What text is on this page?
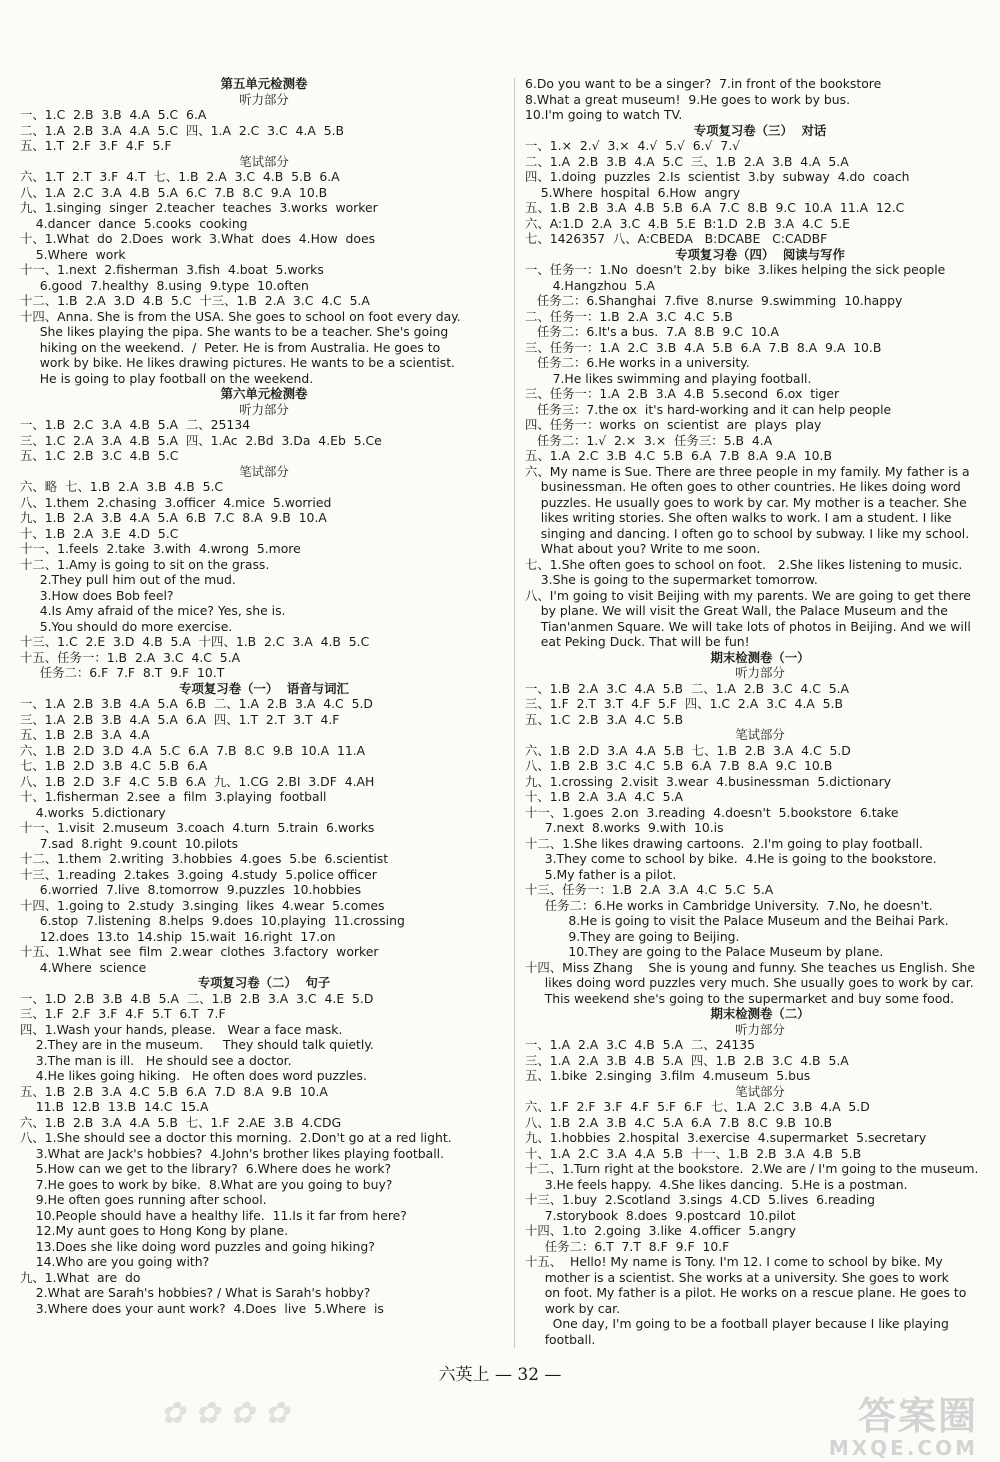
第五单元检测卷
听力部分
一、1.C  2.B  3.B  4.A  5.C  6.A
二、1.A  2.B  3.A  4.A  5.C  四、1.A  2.C  3.C  4.A  5.B
五、1.T  2.F  3.F  4.F  5.F
笔试部分
六、1.T  2.T  3.F  4.T  七、1.B  2.A  3.C  4.B  5.B  6.A
八、1.A  2.C  3.A  4.B  5.A  6.C  7.B  8.C  9.A  10.B
九、1.singing  singer  2.teacher  teaches  3.works  worker
4.dancer  dance  5.cooks  cooking
十、1.What  do  2.Does  work  3.What  does  4.How  does
5.Where  work
十一、1.next  2.fisherman  3.fish  4.boat  5.works
6.good  7.healthy  8.using  9.type  10.often
十二、1.B  2.A  3.D  4.B  5.C  十三、1.B  2.A  3.C  4.C  5.A
十四、Anna. She is from the USA. She goes to school on foot every day.
She likes playing the pipa. She wants to be a teacher. She's going
hiking on the weekend.  /  Peter. He is from Australia. He goes to
work by bike. He likes drawing pictures. He wants to be a scientist.
He is going to play football on the weekend.
第六单元检测卷
听力部分
一、1.B  2.C  3.A  4.B  5.A  二、25134
三、1.C  2.A  3.A  4.B  5.A  四、1.Ac  2.Bd  3.Da  4.Eb  5.Ce
五、1.C  2.B  3.C  4.B  5.C
笔试部分
六、略  七、1.B  2.A  3.B  4.B  5.C
八、1.them  2.chasing  3.officer  4.mice  5.worried
九、1.B  2.A  3.B  4.A  5.A  6.B  7.C  8.A  9.B  10.A
十、1.B  2.A  3.E  4.D  5.C
十一、1.feels  2.take  3.with  4.wrong  5.more
十二、1.Amy is going to sit on the grass.
2.They pull him out of the mud.
3.How does Bob feel?
4.Is Amy afraid of the mice? Yes, she is.
5.You should do more exercise.
十三、1.C  2.E  3.D  4.B  5.A  十四、1.B  2.C  3.A  4.B  5.C
十五、任务一：1.B  2.A  3.C  4.C  5.A
任务二：6.F  7.F  8.T  9.F  10.T
专项复习卷（一）  语音与词汇
一、1.A  2.B  3.B  4.A  5.A  6.B  二、1.A  2.B  3.A  4.C  5.D
三、1.A  2.B  3.B  4.A  5.A  6.A  四、1.T  2.T  3.T  4.F
五、1.B  2.B  3.A  4.A
六、1.B  2.D  3.D  4.A  5.C  6.A  7.B  8.C  9.B  10.A  11.A
七、1.B  2.D  3.B  4.C  5.B  6.A
八、1.B  2.D  3.F  4.C  5.B  6.A  九、1.CG  2.BI  3.DF  4.AH
十、1.fisherman  2.see  a  film  3.playing  football
4.works  5.dictionary
十一、1.visit  2.museum  3.coach  4.turn  5.train  6.works
7.sad  8.right  9.count  10.pilots
十二、1.them  2.writing  3.hobbies  4.goes  5.be  6.scientist
十三、1.reading  2.takes  3.going  4.study  5.police officer
6.worried  7.live  8.tomorrow  9.puzzles  10.hobbies
十四、1.going to  2.study  3.singing  likes  4.wear  5.comes
6.stop  7.listening  8.helps  9.does  10.playing  11.crossing
12.does  13.to  14.ship  15.wait  16.right  17.on
十五、1.What  see  film  2.wear  clothes  3.factory  worker
4.Where  science
专项复习卷（二）  句子
一、1.D  2.B  3.B  4.B  5.A  二、1.B  2.B  3.A  3.C  4.E  5.D
三、1.F  2.F  3.F  4.F  5.T  6.T  7.F
四、1.Wash your hands, please.   Wear a face mask.
2.They are in the museum.     They should talk quietly.
3.The man is ill.   He should see a doctor.
4.He likes going hiking.   He often does word puzzles.
五、1.B  2.B  3.A  4.C  5.B  6.A  7.D  8.A  9.B  10.A
11.B  12.B  13.B  14.C  15.A
六、1.B  2.B  3.A  4.A  5.B  七、1.F  2.AE  3.B  4.CDG
八、1.She should see a doctor this morning.  2.Don't go at a red light.
3.What are Jack's hobbies?  4.John's brother likes playing football.
5.How can we get to the library?  6.Where does he work?
7.He goes to work by bike.  8.What are you going to buy?
9.He often goes running after school.
10.People should have a healthy life.  11.Is it far from here?
12.My aunt goes to Hong Kong by plane.
13.Does she like doing word puzzles and going hiking?
14.Who are you going with?
九、1.What  are  do
2.What are Sarah's hobbies? / What is Sarah's hobby?
3.Where does your aunt work?  4.Does  live  5.Where  is
6.Do you want to be a singer?  7.in front of the bookstore
8.What a great museum!  9.He goes to work by bus.
10.I'm going to watch TV.
专项复习卷（三）  对话
一、1.×  2.√  3.×  4.√  5.√  6.√  7.√
二、1.A  2.B  3.B  4.A  5.C  三、1.B  2.A  3.B  4.A  5.A
四、1.doing  puzzles  2.Is  scientist  3.by  subway  4.do  coach
5.Where  hospital  6.How  angry
五、1.B  2.B  3.A  4.B  5.B  6.A  7.C  8.B  9.C  10.A  11.A  12.C
六、A:1.D  2.A  3.C  4.B  5.E  B:1.D  2.B  3.A  4.C  5.E
七、1426357  八、A:CBEDA   B:DCABE   C:CADBF
专项复习卷（四）  阅读与写作
一、任务一：1.No  doesn't  2.by  bike  3.likes helping the sick people
4.Hangzhou  5.A
任务二：6.Shanghai  7.five  8.nurse  9.swimming  10.happy
二、任务一：1.B  2.A  3.C  4.C  5.B
任务二：6.It's a bus.  7.A  8.B  9.C  10.A
三、任务一：1.A  2.C  3.B  4.A  5.B  6.A  7.B  8.A  9.A  10.B
任务二：6.He works in a university.
7.He likes swimming and playing football.
三、任务一：1.A  2.B  3.A  4.B  5.second  6.ox  tiger
任务三：7.the ox  it's hard-working and it can help people
四、任务一：works  on  scientist  are  plays  play
任务二：1.√  2.×  3.×  任务三：5.B  4.A
五、1.A  2.C  3.B  4.C  5.B  6.A  7.B  8.A  9.A  10.B
六、My name is Sue. There are three people in my family. My father is a
businessman. He often goes to other countries. He likes doing word
puzzles. He usually goes to work by car. My mother is a teacher. She
likes writing stories. She often walks to work. I am a student. I like
singing and dancing. I often go to school by subway. I like my school.
What about you? Write to me soon.
七、1.She often goes to school on foot.   2.She likes listening to music.
3.She is going to the supermarket tomorrow.
八、I'm going to visit Beijing with my parents. We are going to get there
by plane. We will visit the Great Wall, the Palace Museum and the
Tian'anmen Square. We will take lots of photos in Beijing. And we will
eat Peking Duck. That will be fun!
期末检测卷（一）
听力部分
一、1.B  2.A  3.C  4.A  5.B  二、1.A  2.B  3.C  4.C  5.A
三、1.F  2.T  3.T  4.F  5.F  四、1.C  2.A  3.C  4.A  5.B
五、1.C  2.B  3.A  4.C  5.B
笔试部分
六、1.B  2.D  3.A  4.A  5.B  七、1.B  2.B  3.A  4.C  5.D
八、1.B  2.B  3.C  4.C  5.B  6.A  7.B  8.A  9.C  10.B
九、1.crossing  2.visit  3.wear  4.businessman  5.dictionary
十、1.B  2.A  3.A  4.C  5.A
十一、1.goes  2.on  3.reading  4.doesn't  5.bookstore  6.take
7.next  8.works  9.with  10.is
十二、1.She likes drawing cartoons.  2.I'm going to play football.
3.They come to school by bike.  4.He is going to the bookstore.
5.My father is a pilot.
十三、任务一：1.B  2.A  3.A  4.C  5.C  5.A
任务二：6.He works in Cambridge University.  7.No, he doesn't.
8.He is going to visit the Palace Museum and the Beihai Park.
9.They are going to Beijing.
10.They are going to the Palace Museum by plane.
十四、Miss Zhang    She is young and funny. She teaches us English. She
likes doing word puzzles very much. She usually goes to work by car.
This weekend she's going to the supermarket and buy some food.
期末检测卷（二）
听力部分
一、1.A  2.A  3.C  4.B  5.A  二、24135
三、1.A  2.A  3.B  4.B  5.A  四、1.B  2.B  3.C  4.B  5.A
五、1.bike  2.singing  3.film  4.museum  5.bus
笔试部分
六、1.F  2.F  3.F  4.F  5.F  6.F  七、1.A  2.C  3.B  4.A  5.D
八、1.B  2.A  3.B  4.C  5.A  6.A  7.B  8.C  9.B  10.B
九、1.hobbies  2.hospital  3.exercise  4.supermarket  5.secretary
十、1.A  2.C  3.A  4.A  5.B  十一、1.B  2.B  3.A  4.B  5.B
十二、1.Turn right at the bookstore.  2.We are / I'm going to the museum.
3.He feels happy.  4.She likes dancing.  5.He is a postman.
十三、1.buy  2.Scotland  3.sings  4.CD  5.lives  6.reading
7.storybook  8.does  9.postcard  10.pilot
十四、1.to  2.going  3.like  4.officer  5.angry
任务二：6.T  7.T  8.F  9.F  10.F
十五、  Hello! My name is Tony. I'm 12. I come to school by bike. My
mother is a scientist. She works at a university. She goes to work
on foot. My father is a pilot. He works on a rescue plane. He goes to
work by car.
One day, I'm going to be a football player because I like playing
football.
✿ ✿ ✿ ✿
六英上 — 32 —
答案圈
MXQE.COM
